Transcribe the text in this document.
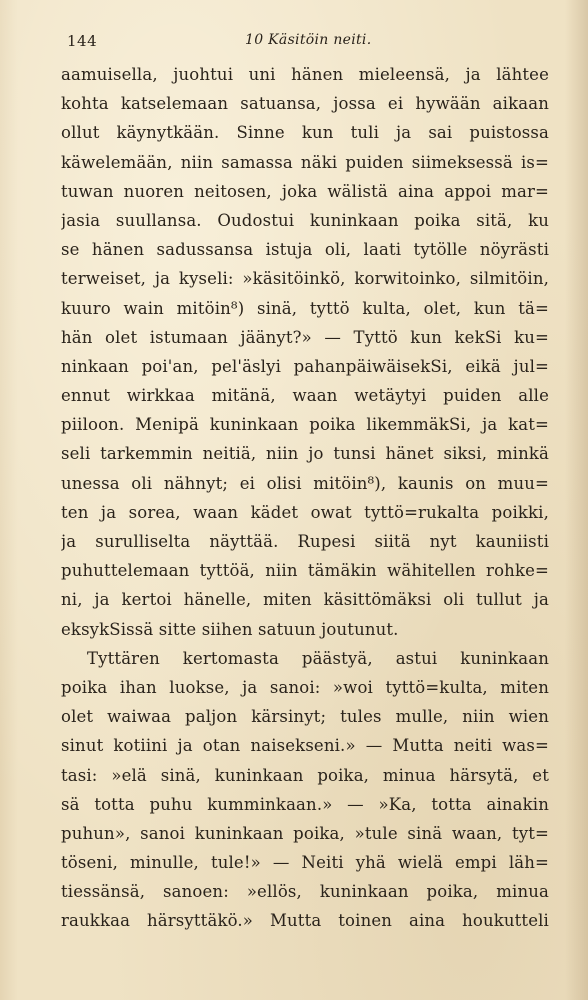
144	10 Käsitöin neiti.
aamuisella, juohtui uni hänen mieleensä, ja lähtee
kohta katselemaan satuansa, jossa ei hywään aikaan
ollut käynytkään. Sinne kun tuli ja sai puistossa
käwelemään, niin samassa näki puiden siimeksessä is=
tuwan nuoren neitosen, joka wälistä aina appoi mar=
jasia suullansa. Oudostui kuninkaan poika sitä, ku
se hänen sadussansa istuja oli, laati tytölle nöyrästi
terweiset, ja kyseli: »käsitöinkö, korwitoinko, silmitöin,
kuuro wain mitöin⁸) sinä, tyttö kulta, olet, kun tä=
hän olet istumaan jäänyt?» — Tyttö kun kekSi ku=
ninkaan poi'an, pel'äslyi pahanpäiwäisekSi, eikä jul=
ennut wirkkaa mitänä, waan wetäytyi puiden alle
piiloon. Menipä kuninkaan poika likemmäkSi, ja kat=
seli tarkemmin neitiä, niin jo tunsi hänet siksi, minkä
unessa oli nähnyt; ei olisi mitöin⁸), kaunis on muu=
ten ja sorea, waan kädet owat tyttö=rukalta poikki,
ja surulliselta näyttää. Rupesi siitä nyt kauniisti
puhuttelemaan tyttöä, niin tämäkin wähitellen rohke=
ni, ja kertoi hänelle, miten käsittömäksi oli tullut ja
eksykSissä sitte siihen satuun joutunut.
Tyttären kertomasta päästyä, astui kuninkaan
poika ihan luokse, ja sanoi: »woi tyttö=kulta, miten
olet waiwaa paljon kärsinyt; tules mulle, niin wien
sinut kotiini ja otan naisekseni.» — Mutta neiti was=
tasi: »elä sinä, kuninkaan poika, minua härsytä, et
sä totta puhu kumminkaan.» — »Ka, totta ainakin
puhun», sanoi kuninkaan poika, »tule sinä waan, tyt=
töseni, minulle, tule!» — Neiti yhä wielä empi läh=
tiessänsä, sanoen: »ellös, kuninkaan poika, minua
raukkaa härsyttäkö.» Mutta toinen aina houkutteli
